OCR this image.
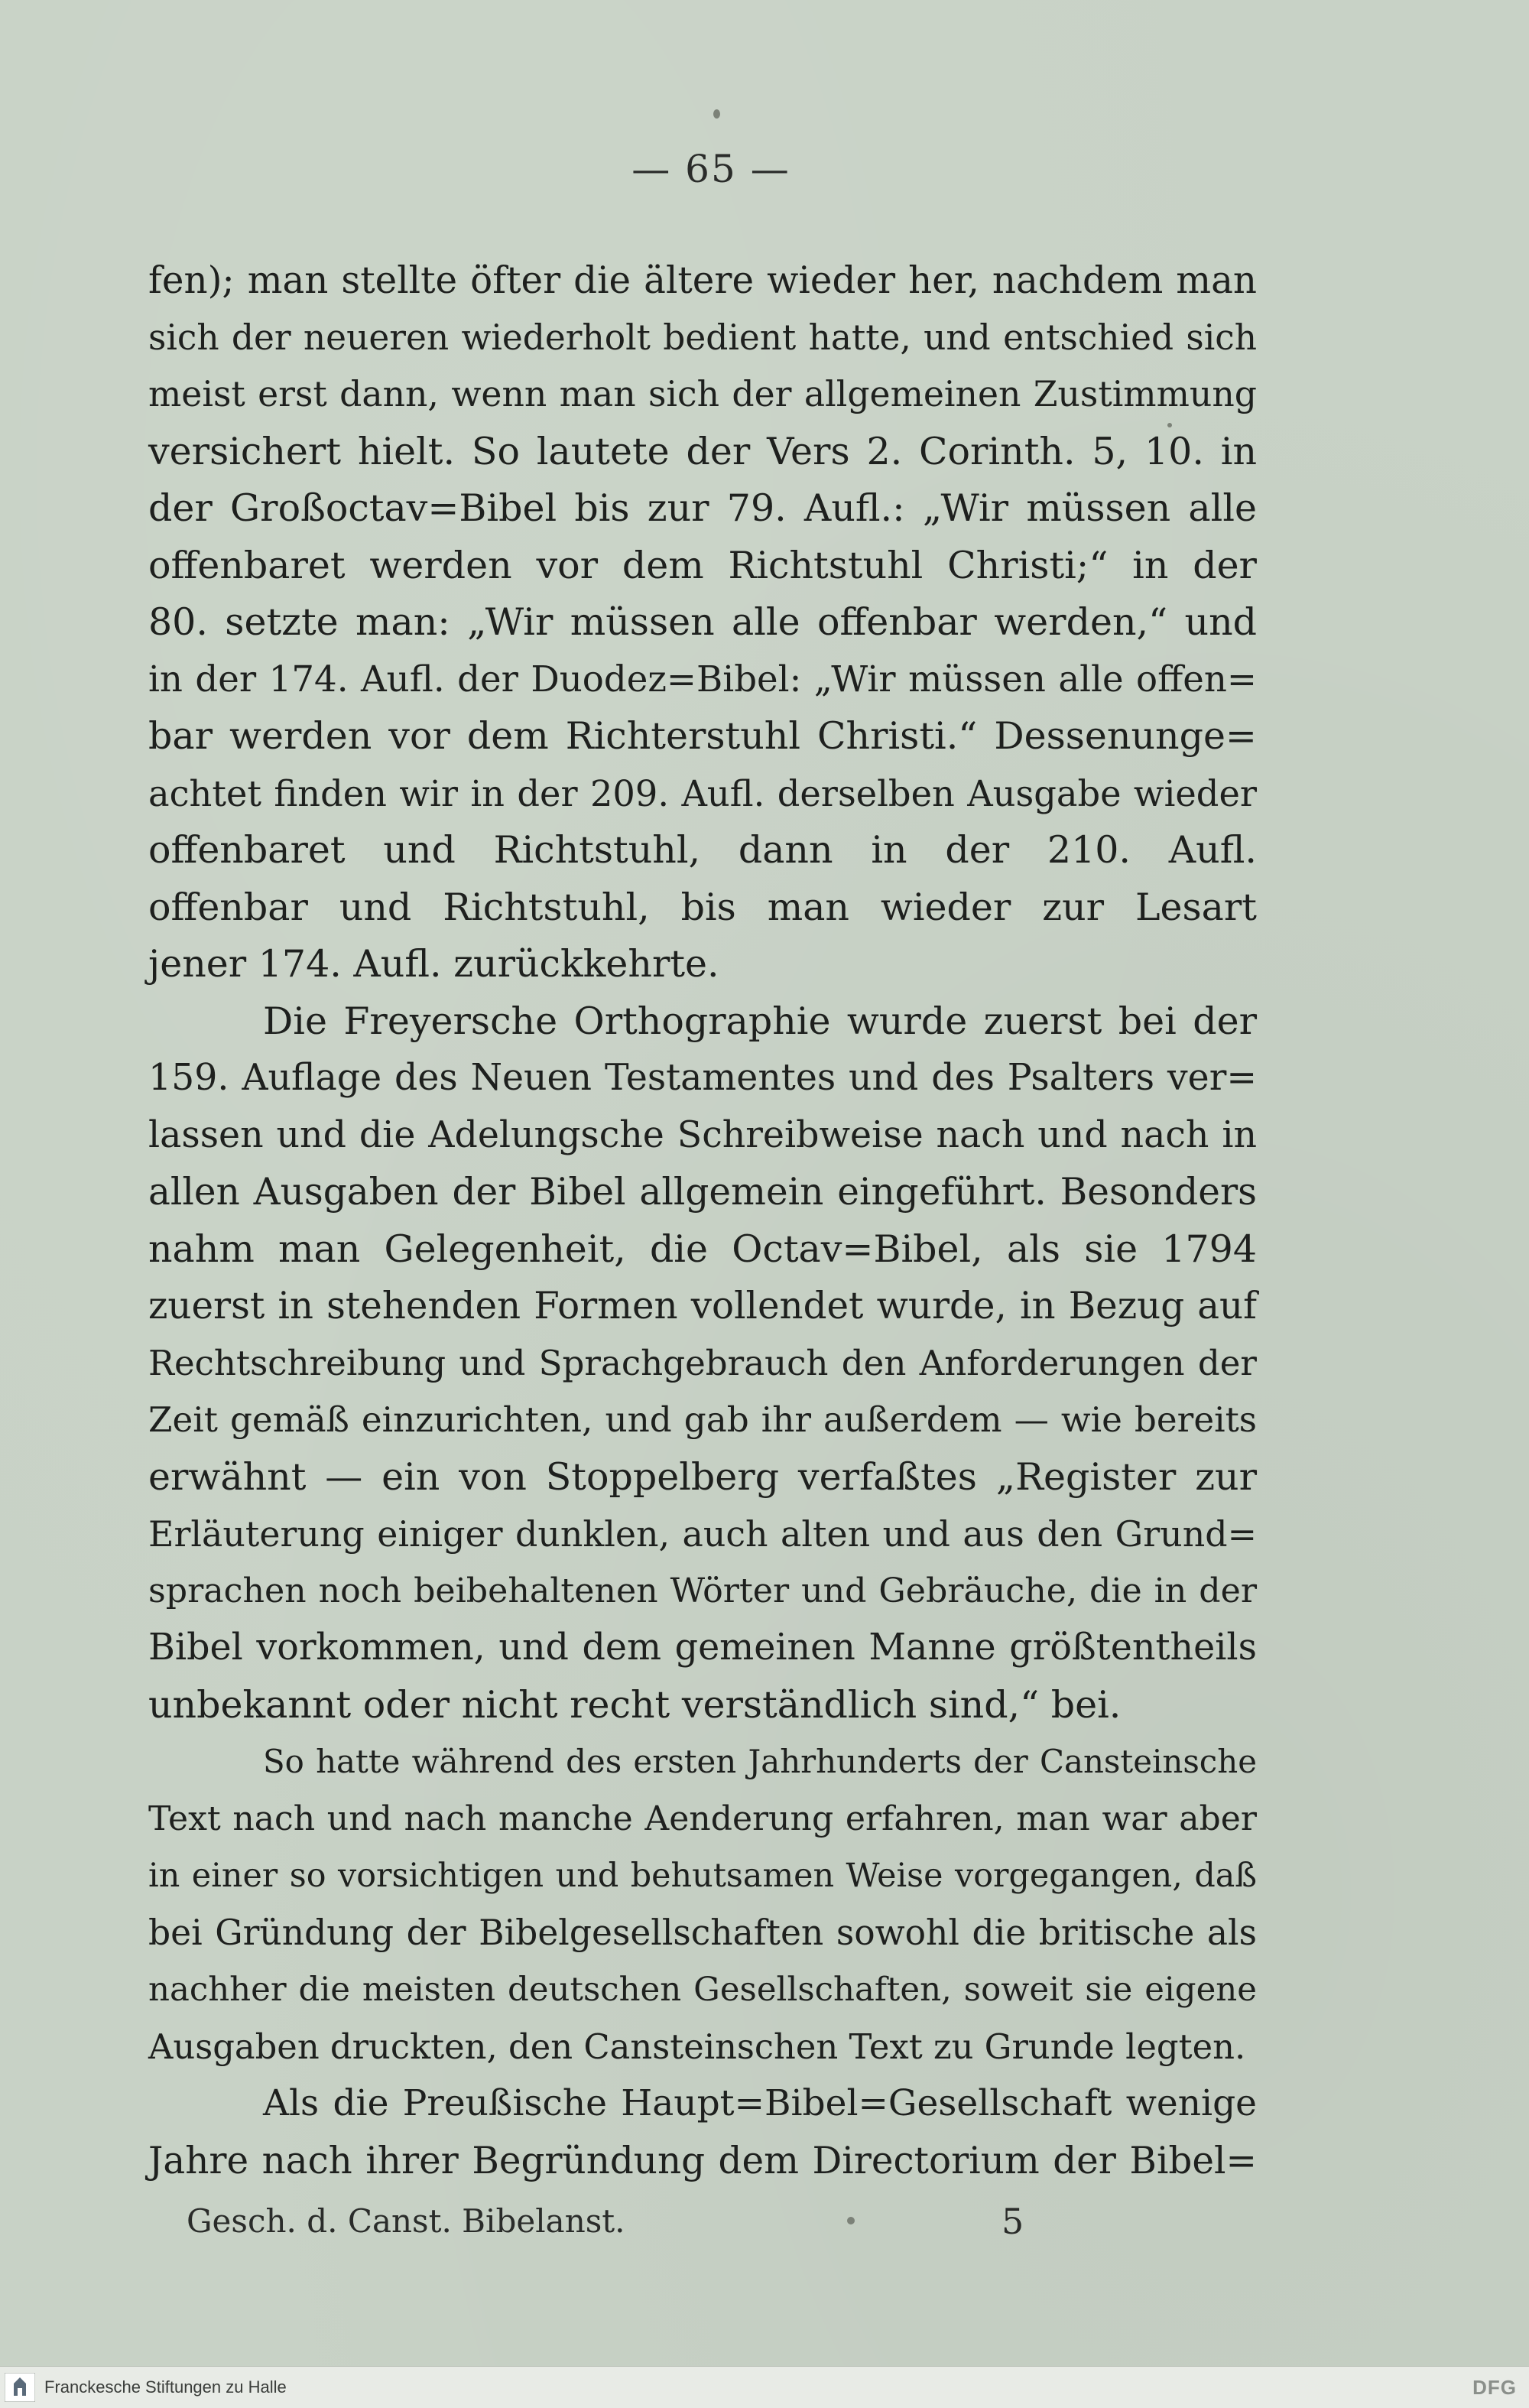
— 65 —
fen); man stellte öfter die ältere wieder her, nachdem man
sich der neueren wiederholt bedient hatte, und entschied sich
meist erst dann, wenn man sich der allgemeinen Zustimmung
versichert hielt. So lautete der Vers 2. Corinth. 5, 10. in
der Großoctav=Bibel bis zur 79. Aufl.: „Wir müssen alle
offenbaret werden vor dem Richtstuhl Christi;“ in der
80. setzte man: „Wir müssen alle offenbar werden,“ und
in der 174. Aufl. der Duodez=Bibel: „Wir müssen alle offen=
bar werden vor dem Richterstuhl Christi.“ Dessenunge=
achtet finden wir in der 209. Aufl. derselben Ausgabe wieder
offenbaret und Richtstuhl, dann in der 210. Aufl.
offenbar und Richtstuhl, bis man wieder zur Lesart
jener 174. Aufl. zurückkehrte.
Die Freyersche Orthographie wurde zuerst bei der
159. Auflage des Neuen Testamentes und des Psalters ver=
lassen und die Adelungsche Schreibweise nach und nach in
allen Ausgaben der Bibel allgemein eingeführt. Besonders
nahm man Gelegenheit, die Octav=Bibel, als sie 1794
zuerst in stehenden Formen vollendet wurde, in Bezug auf
Rechtschreibung und Sprachgebrauch den Anforderungen der
Zeit gemäß einzurichten, und gab ihr außerdem — wie bereits
erwähnt — ein von Stoppelberg verfaßtes „Register zur
Erläuterung einiger dunklen, auch alten und aus den Grund=
sprachen noch beibehaltenen Wörter und Gebräuche, die in der
Bibel vorkommen, und dem gemeinen Manne größtentheils
unbekannt oder nicht recht verständlich sind,“ bei.
So hatte während des ersten Jahrhunderts der Cansteinsche
Text nach und nach manche Aenderung erfahren, man war aber
in einer so vorsichtigen und behutsamen Weise vorgegangen, daß
bei Gründung der Bibelgesellschaften sowohl die britische als
nachher die meisten deutschen Gesellschaften, soweit sie eigene
Ausgaben druckten, den Cansteinschen Text zu Grunde legten.
Als die Preußische Haupt=Bibel=Gesellschaft wenige
Jahre nach ihrer Begründung dem Directorium der Bibel=
Gesch. d. Canst. Bibelanst.	5
Franckesche Stiftungen zu Halle	DFG
